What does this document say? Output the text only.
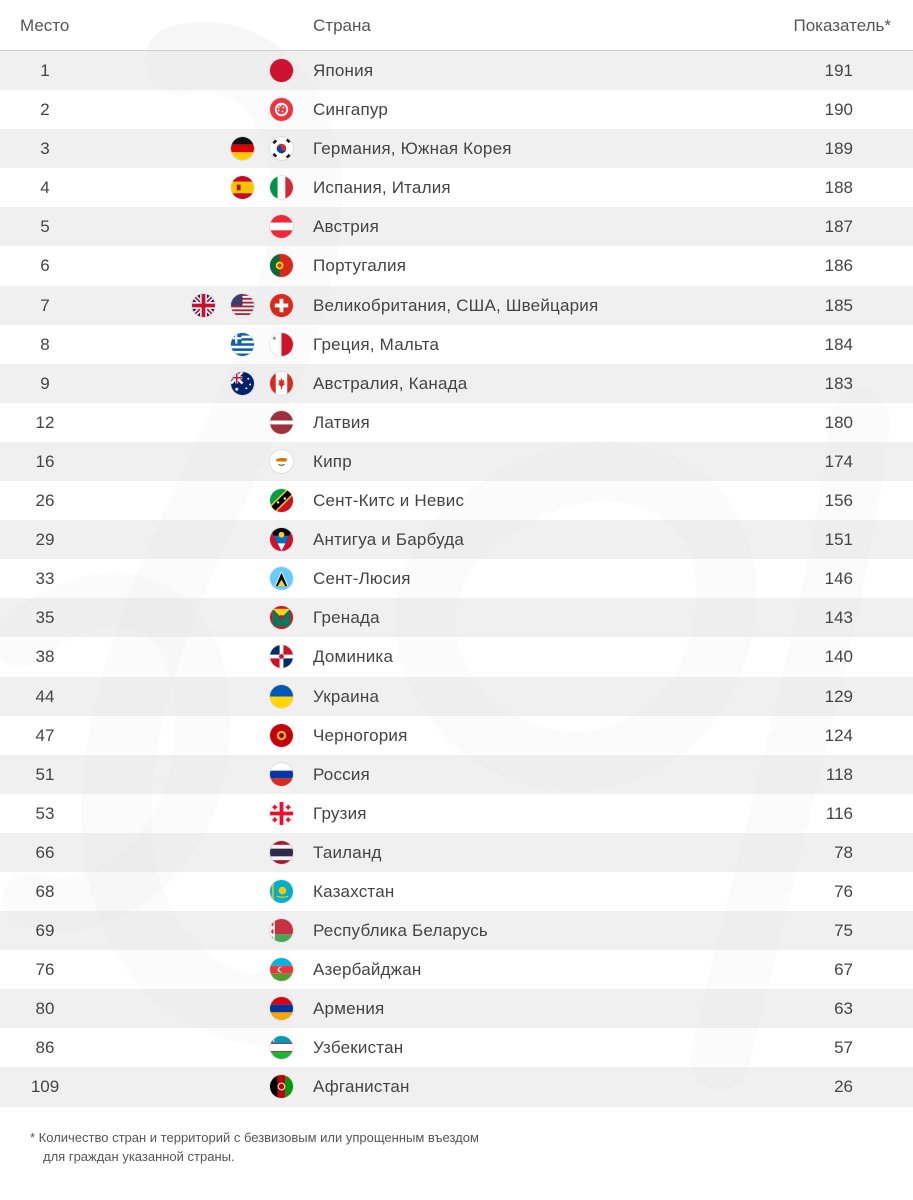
Место	Страна	Показатель*
1	Япония	191
2	Сингапур	190
3	Германия, Южная Корея	189
4	Испания, Италия	188
5	Австрия	187
6	Португалия	186
7	Великобритания, США, Швейцария	185
8	Греция, Мальта	184
9	Австралия, Канада	183
12	Латвия	180
16	Кипр	174
26	Сент-Китс и Невис	156
29	Антигуа и Барбуда	151
33	Сент-Люсия	146
35	Гренада	143
38	Доминика	140
44	Украина	129
47	Черногория	124
51	Россия	118
53	Грузия	116
66	Таиланд	78
68	Казахстан	76
69	Республика Беларусь	75
76	Азербайджан	67
80	Армения	63
86	Узбекистан	57
109	Афганистан	26
* Количество стран и территорий с безвизовым или упрощенным въездом
для граждан указанной страны.
